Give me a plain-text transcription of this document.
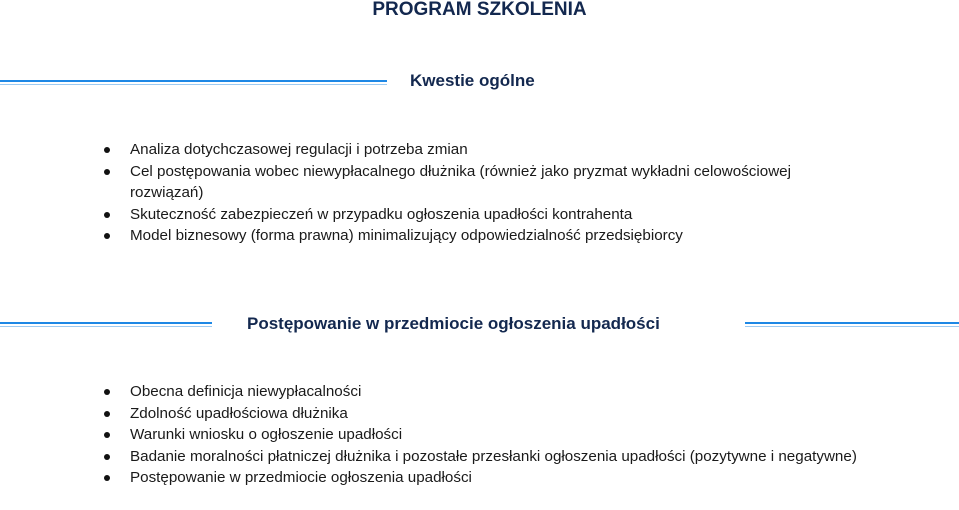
PROGRAM SZKOLENIA
Kwestie ogólne
Analiza dotychczasowej regulacji i potrzeba zmian
Cel postępowania wobec niewypłacalnego dłużnika (również jako pryzmat wykładni celowościowej rozwiązań)
Skuteczność zabezpieczeń w przypadku ogłoszenia upadłości kontrahenta
Model biznesowy (forma prawna) minimalizujący odpowiedzialność przedsiębiorcy
Postępowanie w przedmiocie ogłoszenia upadłości
Obecna definicja niewypłacalności
Zdolność upadłościowa dłużnika
Warunki wniosku o ogłoszenie upadłości
Badanie moralności płatniczej dłużnika i pozostałe przesłanki ogłoszenia upadłości (pozytywne i negatywne)
Postępowanie w przedmiocie ogłoszenia upadłości
